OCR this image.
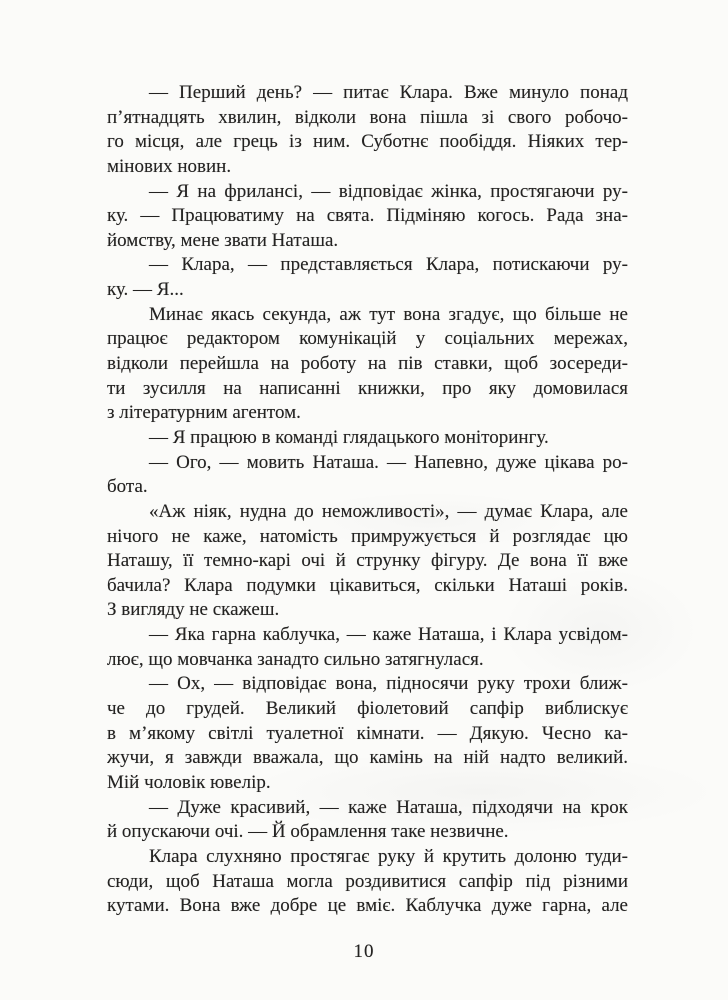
— Перший день? — питає Клара. Вже минуло понад
п’ятнадцять хвилин, відколи вона пішла зі свого робочо-
го місця, але грець із ним. Суботнє пообіддя. Ніяких тер-
мінових новин.
— Я на фрилансі, — відповідає жінка, простягаючи ру-
ку. — Працюватиму на свята. Підміняю когось. Рада зна-
йомству, мене звати Наташа.
— Клара, — представляється Клара, потискаючи ру-
ку. — Я...
Минає якась секунда, аж тут вона згадує, що більше не
працює редактором комунікацій у соціальних мережах,
відколи перейшла на роботу на пів ставки, щоб зосереди-
ти зусилля на написанні книжки, про яку домовилася
з літературним агентом.
— Я працюю в команді глядацького моніторингу.
— Ого, — мовить Наташа. — Напевно, дуже цікава ро-
бота.
«Аж ніяк, нудна до неможливості», — думає Клара, але
нічого не каже, натомість примружується й розглядає цю
Наташу, її темно-карі очі й струнку фігуру. Де вона її вже
бачила? Клара подумки цікавиться, скільки Наташі років.
З вигляду не скажеш.
— Яка гарна каблучка, — каже Наташа, і Клара усвідом-
лює, що мовчанка занадто сильно затягнулася.
— Ох, — відповідає вона, підносячи руку трохи ближ-
че до грудей. Великий фіолетовий сапфір виблискує
в м’якому світлі туалетної кімнати. — Дякую. Чесно ка-
жучи, я завжди вважала, що камінь на ній надто великий.
Мій чоловік ювелір.
— Дуже красивий, — каже Наташа, підходячи на крок
й опускаючи очі. — Й обрамлення таке незвичне.
Клара слухняно простягає руку й крутить долоню туди-
сюди, щоб Наташа могла роздивитися сапфір під різними
кутами. Вона вже добре це вміє. Каблучка дуже гарна, але
10
